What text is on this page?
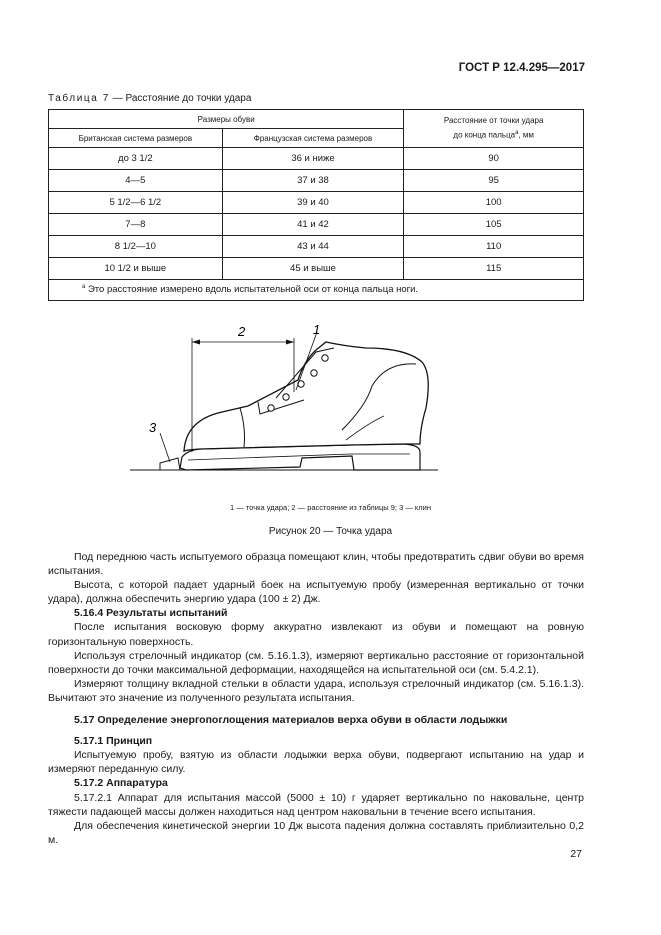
ГОСТ Р 12.4.295—2017
Таблица 7 — Расстояние до точки удара
Размеры обуви		Расстояние от точки удара
до конца пальца$^a$, мм
Британская система размеров	Французская система размеров	
до 3 1/2	36 и ниже	90
4—5	37 и 38	95
5 1/2—6 1/2	39 и 40	100
7—8	41 и 42	105
8 1/2—10	43 и 44	110
10 1/2 и выше	45 и выше	115
$^a$ Это расстояние измерено вдоль испытательной оси от конца пальца ноги.		
2	1
3
1 — точка удара; 2 — расстояние из таблицы 9; 3 — клин
Рисунок 20 — Точка удара

Под переднюю часть испытуемого образца помещают клин, чтобы предотвратить сдвиг обуви во время испытания.

Высота, с которой падает ударный боек на испытуемую пробу (измеренная вертикально от точки удара), должна обеспечить энергию удара (100 ± 2) Дж.

5.16.4 Результаты испытаний

После испытания восковую форму аккуратно извлекают из обуви и помещают на ровную горизонтальную поверхность.

Используя стрелочный индикатор (см. 5.16.1.3), измеряют вертикально расстояние от горизонтальной поверхности до точки максимальной деформации, находящейся на испытательной оси (см. 5.4.2.1).

Измеряют толщину вкладной стельки в области удара, используя стрелочный индикатор (см. 5.16.1.3). Вычитают это значение из полученного результата испытания.

5.17 Определение энергопоглощения материалов верха обуви в области лодыжки
5.17.1 Принцип

Испытуемую пробу, взятую из области лодыжки верха обуви, подвергают испытанию на удар и измеряют переданную силу.

5.17.2 Аппаратура

5.17.2.1 Аппарат для испытания массой (5000 ± 10) г ударяет вертикально по наковальне, центр тяжести падающей массы должен находиться над центром наковальни в течение всего испытания.

Для обеспечения кинетической энергии 10 Дж высота падения должна составлять приблизительно 0,2 м.

27
